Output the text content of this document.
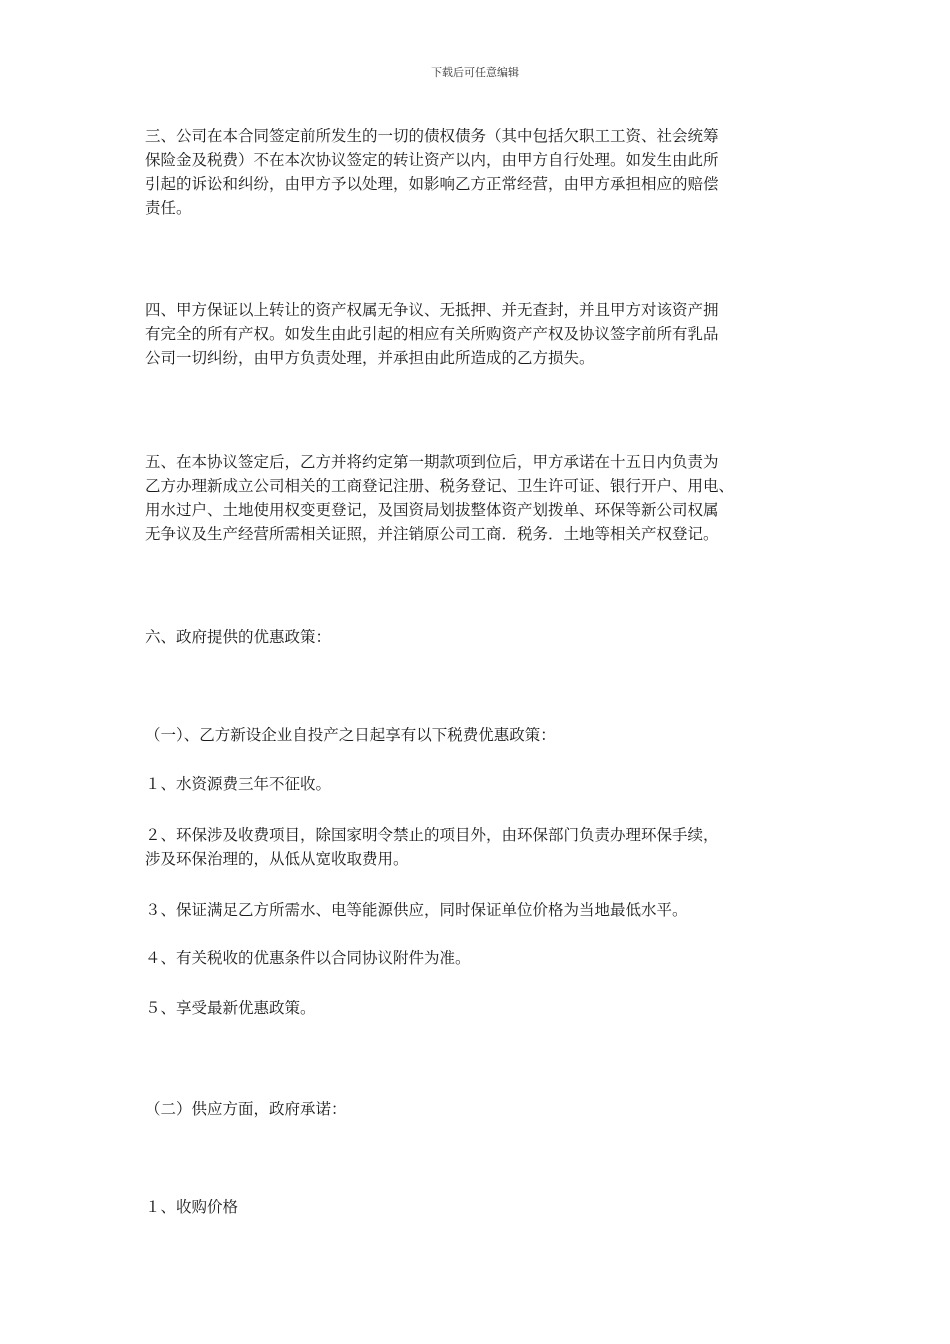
下载后可任意编辑
三、公司在本合同签定前所发生的一切的债权债务（其中包括欠职工工资、社会统筹
保险金及税费）不在本次协议签定的转让资产以内，由甲方自行处理。如发生由此所
引起的诉讼和纠纷，由甲方予以处理，如影响乙方正常经营，由甲方承担相应的赔偿
责任。
四、甲方保证以上转让的资产权属无争议、无抵押、并无查封，并且甲方对该资产拥
有完全的所有产权。如发生由此引起的相应有关所购资产产权及协议签字前所有乳品
公司一切纠纷，由甲方负责处理，并承担由此所造成的乙方损失。
五、在本协议签定后，乙方并将约定第一期款项到位后，甲方承诺在十五日内负责为
乙方办理新成立公司相关的工商登记注册、税务登记、卫生许可证、银行开户、用电、
用水过户、土地使用权变更登记，及国资局划拔整体资产划拨单、环保等新公司权属
无争议及生产经营所需相关证照，并注销原公司工商．税务．土地等相关产权登记。
六、政府提供的优惠政策：
（一）、乙方新设企业自投产之日起享有以下税费优惠政策：
１、水资源费三年不征收。
２、环保涉及收费项目，除国家明令禁止的项目外，由环保部门负责办理环保手续，
涉及环保治理的，从低从宽收取费用。
３、保证满足乙方所需水、电等能源供应，同时保证单位价格为当地最低水平。
４、有关税收的优惠条件以合同协议附件为准。
５、享受最新优惠政策。
（二）供应方面，政府承诺：
１、收购价格
